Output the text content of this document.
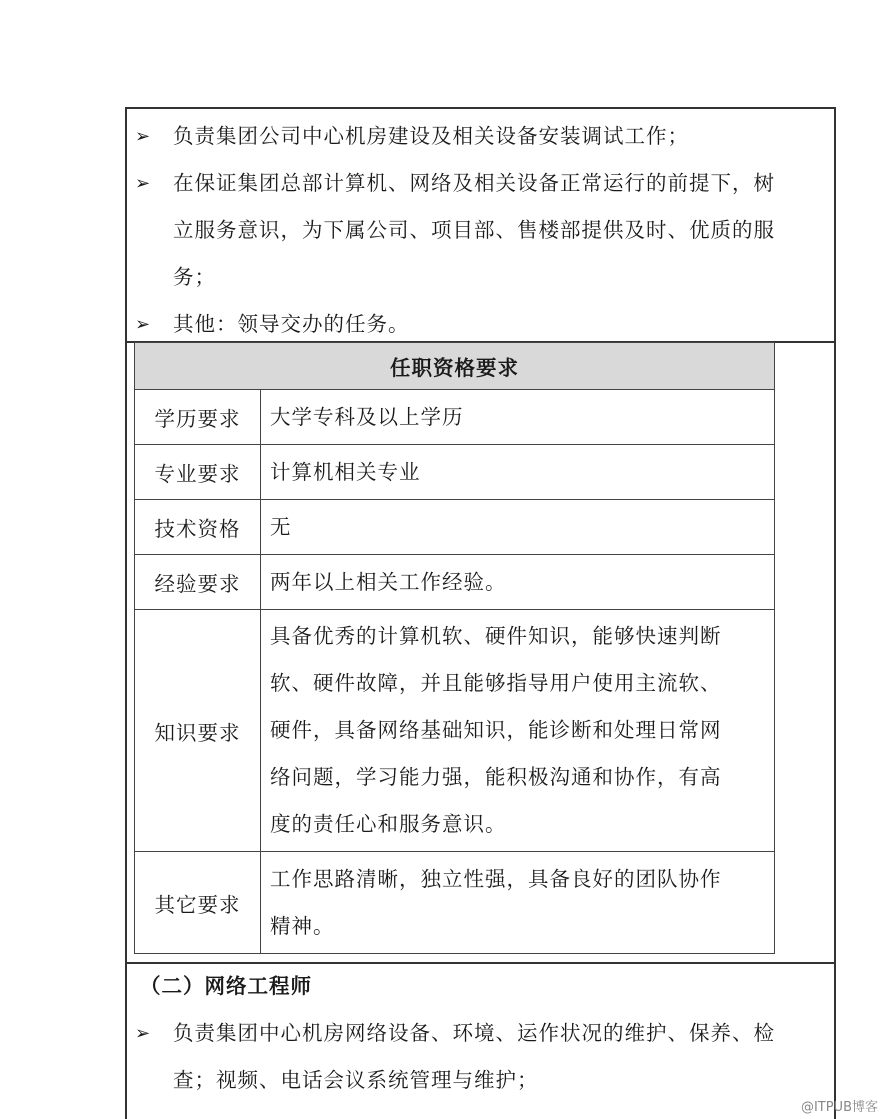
➢ 负责集团公司中心机房建设及相关设备安装调试工作；
➢ 在保证集团总部计算机、网络及相关设备正常运行的前提下，树
立服务意识，为下属公司、项目部、售楼部提供及时、优质的服
务；
➢ 其他：领导交办的任务。
任职资格要求	
学历要求	大学专科及以上学历

专业要求	计算机相关专业

技术资格	无

经验要求	两年以上相关工作经验。

知识要求	具备优秀的计算机软、硬件知识，能够快速判断
软、硬件故障，并且能够指导用户使用主流软、
硬件，具备网络基础知识，能诊断和处理日常网
络问题，学习能力强，能积极沟通和协作，有高
度的责任心和服务意识。

其它要求	工作思路清晰，独立性强，具备良好的团队协作
精神。
（二）网络工程师
➢ 负责集团中心机房网络设备、环境、运作状况的维护、保养、检
查；视频、电话会议系统管理与维护；
@ITPUB博客
